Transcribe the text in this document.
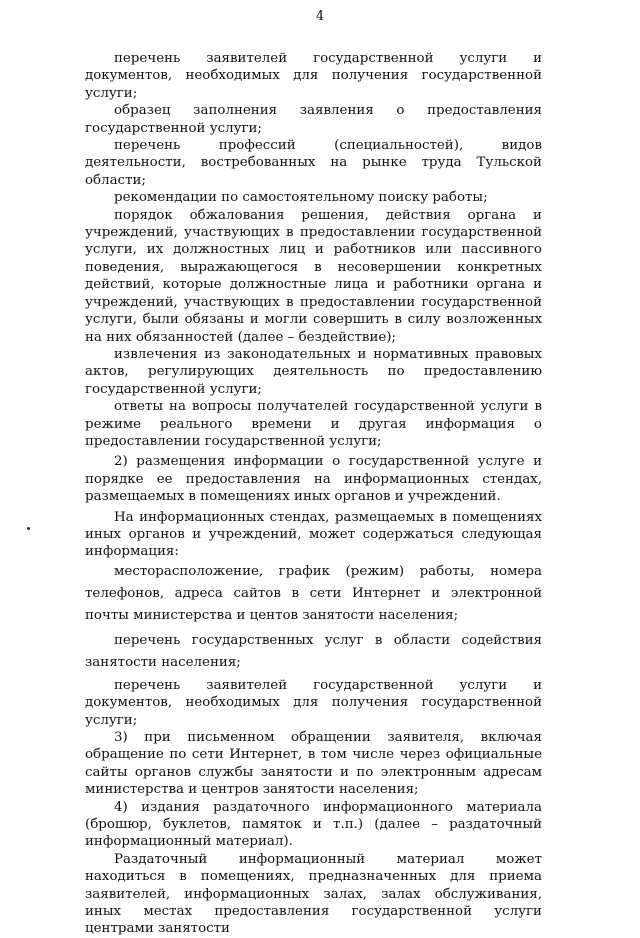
4

перечень заявителей государственной услуги и документов, необходимых для получения государственной услуги;

образец заполнения заявления о предоставления государственной услуги;

перечень профессий (специальностей), видов деятельности, востребованных на рынке труда Тульской области;

рекомендации по самостоятельному поиску работы;

порядок обжалования решения, действия органа и учреждений, участвующих в предоставлении государственной услуги, их должностных лиц и работников или пассивного поведения, выражающегося в несовершении конкретных действий, которые должностные лица и работники органа и учреждений, участвующих в предоставлении государственной услуги, были обязаны и могли совершить в силу возложенных на них обязанностей (далее – бездействие);

извлечения из законодательных и нормативных правовых актов, регулирующих деятельность по предоставлению государственной услуги;

ответы на вопросы получателей государственной услуги в режиме реального времени и другая информация о предоставлении государственной услуги;

2) размещения информации о государственной услуге и порядке ее предоставления на информационных стендах, размещаемых в помещениях иных органов и учреждений.

На информационных стендах, размещаемых в помещениях иных органов и учреждений, может содержаться следующая информация:

месторасположение, график (режим) работы, номера телефонов, адреса сайтов в сети Интернет и электронной почты министерства и центов занятости населения;

перечень государственных услуг в области содействия занятости населения;

перечень заявителей государственной услуги и документов, необходимых для получения государственной услуги;

3) при письменном обращении заявителя, включая обращение по сети Интернет, в том числе через официальные сайты органов службы занятости и по электронным адресам министерства и центров занятости населения;

4) издания раздаточного информационного материала (брошюр, буклетов, памяток и т.п.) (далее – раздаточный информационный материал).

Раздаточный информационный материал может находиться в помещениях, предназначенных для приема заявителей, информационных залах, залах обслуживания, иных местах предоставления государственной услуги центрами занятости
